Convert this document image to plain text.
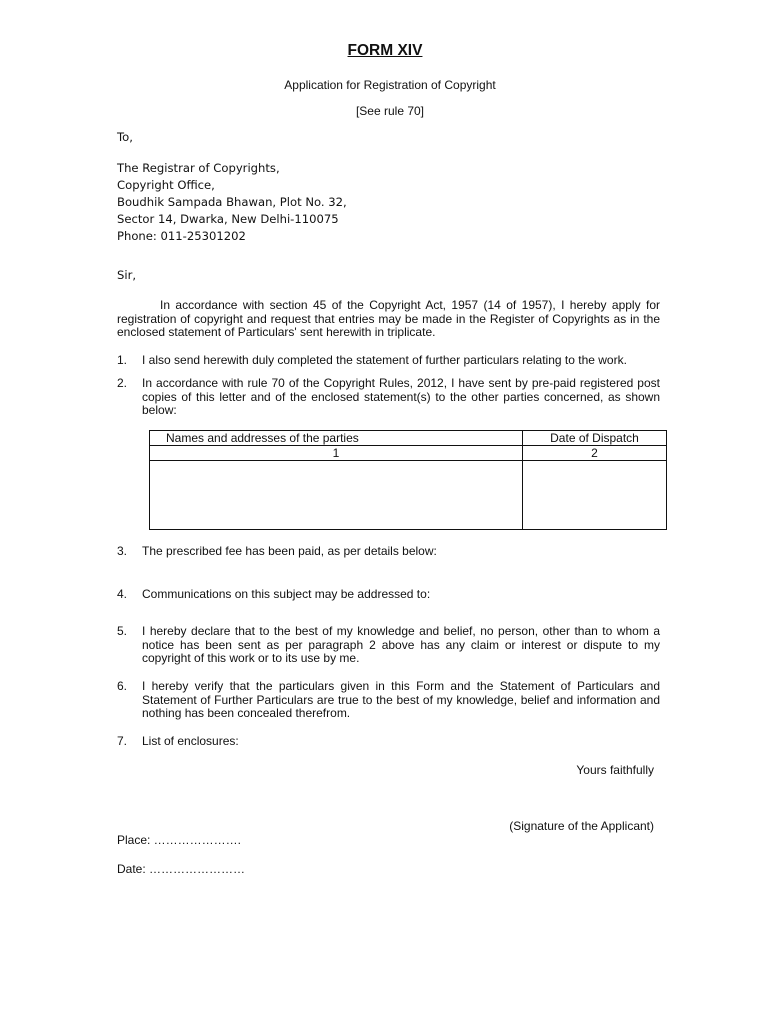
FORM XIV
Application for Registration of Copyright
[See rule 70]
To,
The Registrar of Copyrights,
Copyright Office,
Boudhik Sampada Bhawan, Plot No. 32,
Sector 14, Dwarka, New Delhi-110075
Phone: 011-25301202
Sir,
In accordance with section 45 of the Copyright Act, 1957 (14 of 1957), I hereby apply for registration of copyright and request that entries may be made in the Register of Copyrights as in the enclosed statement of Particulars' sent herewith in triplicate.
1. I also send herewith duly completed the statement of further particulars relating to the work.
2. In accordance with rule 70 of the Copyright Rules, 2012, I have sent by pre-paid registered post copies of this letter and of the enclosed statement(s) to the other parties concerned, as shown below:
Names and addresses of the parties	Date of Dispatch
1	2

3. The prescribed fee has been paid, as per details below:
4. Communications on this subject may be addressed to:
5. I hereby declare that to the best of my knowledge and belief, no person, other than to whom a notice has been sent as per paragraph 2 above has any claim or interest or dispute to my copyright of this work or to its use by me.
6. I hereby verify that the particulars given in this Form and the Statement of Particulars and Statement of Further Particulars are true to the best of my knowledge, belief and information and nothing has been concealed therefrom.
7. List of enclosures:
Yours faithfully
(Signature of the Applicant)
Place: ………………….
Date: ……………………
